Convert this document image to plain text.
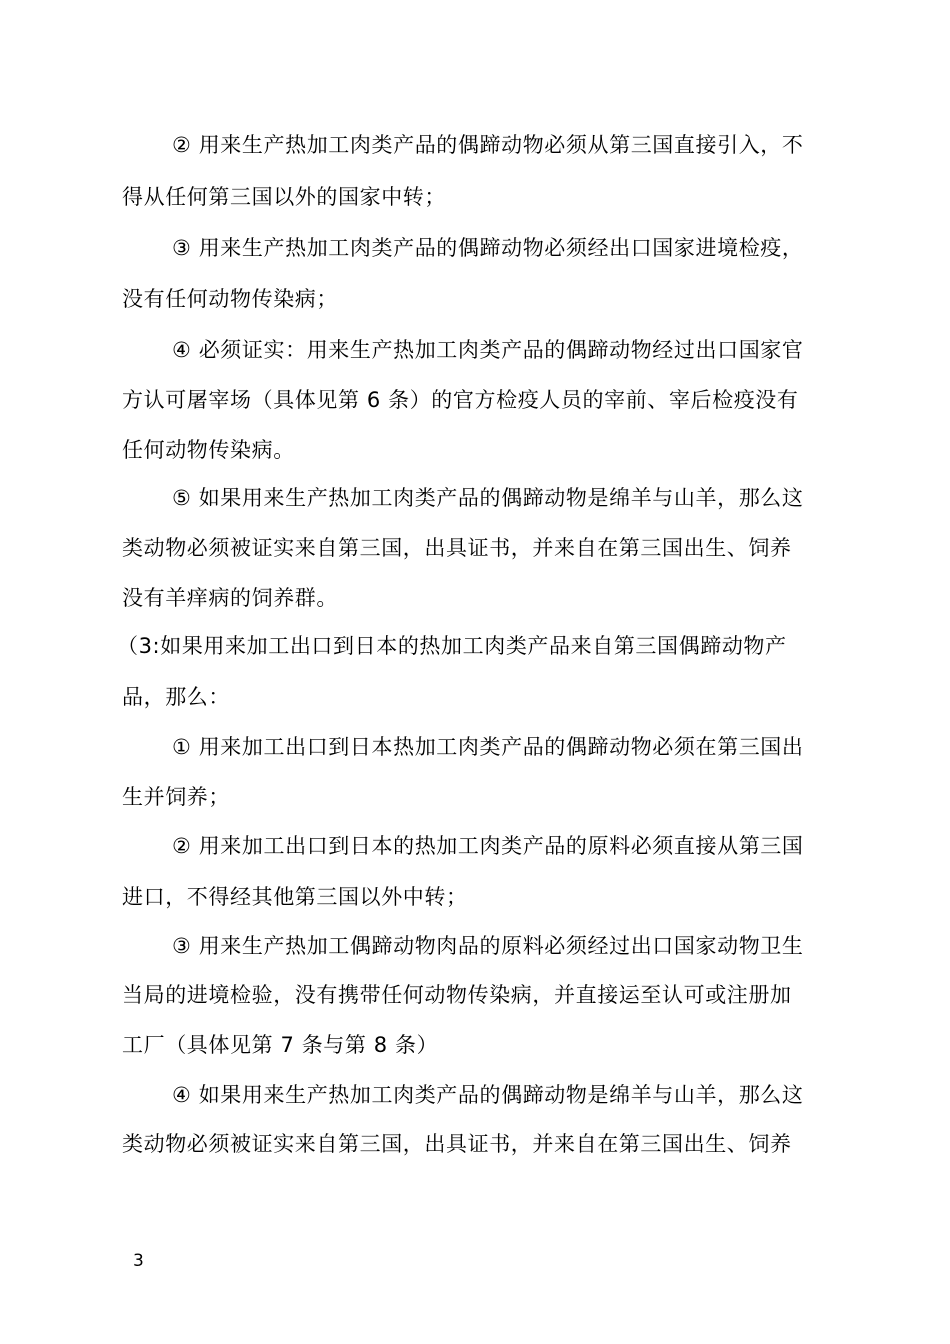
② 用来生产热加工肉类产品的偶蹄动物必须从第三国直接引入，不
得从任何第三国以外的国家中转；
③ 用来生产热加工肉类产品的偶蹄动物必须经出口国家进境检疫，
没有任何动物传染病；
④ 必须证实：用来生产热加工肉类产品的偶蹄动物经过出口国家官
方认可屠宰场（具体见第 6 条）的官方检疫人员的宰前、宰后检疫没有
任何动物传染病。
⑤ 如果用来生产热加工肉类产品的偶蹄动物是绵羊与山羊，那么这
类动物必须被证实来自第三国，出具证书，并来自在第三国出生、饲养
没有羊痒病的饲养群。
（3:如果用来加工出口到日本的热加工肉类产品来自第三国偶蹄动物产
品，那么：
① 用来加工出口到日本热加工肉类产品的偶蹄动物必须在第三国出
生并饲养；
② 用来加工出口到日本的热加工肉类产品的原料必须直接从第三国
进口，不得经其他第三国以外中转；
③ 用来生产热加工偶蹄动物肉品的原料必须经过出口国家动物卫生
当局的进境检验，没有携带任何动物传染病，并直接运至认可或注册加
工厂（具体见第 7 条与第 8 条）
④ 如果用来生产热加工肉类产品的偶蹄动物是绵羊与山羊，那么这
类动物必须被证实来自第三国，出具证书，并来自在第三国出生、饲养
3
